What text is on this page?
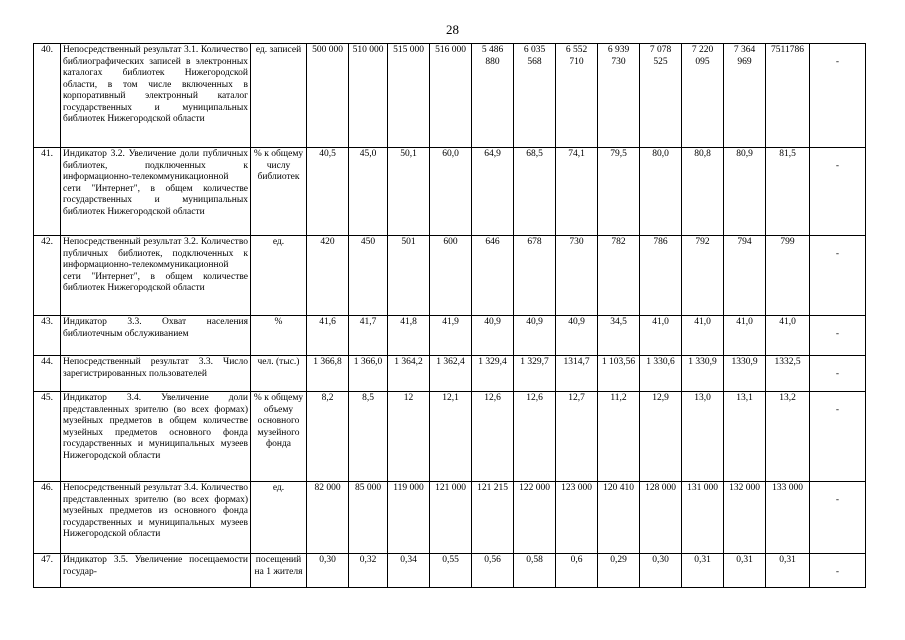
28
40.	Непосредственный результат 3.1. Количество библиографических записей в электронных каталогах библиотек Нижегородской области, в том числе включенных в корпоративный электронный каталог государственных и муниципальных библиотек Нижегородской области	ед. записей	500 000	510 000	515 000	516 000	5 486 880	6 035 568	6 552 710	6 939 730	7 078 525	7 220 095	7 364 969	7511786	-

41.	Индикатор 3.2. Увеличение доли публичных библиотек, подключенных к информационно-телекоммуникационной сети "Интернет", в общем количестве государственных и муниципальных библиотек Нижегородской области	% к общему числу библиотек	40,5	45,0	50,1	60,0	64,9	68,5	74,1	79,5	80,0	80,8	80,9	81,5	-

42.	Непосредственный результат 3.2. Количество публичных библиотек, подключенных к информационно-телекоммуникационной сети "Интернет", в общем количестве библиотек Нижегородской области	ед.	420	450	501	600	646	678	730	782	786	792	794	799	-

43.	Индикатор 3.3. Охват населения библиотечным обслуживанием	%	41,6	41,7	41,8	41,9	40,9	40,9	40,9	34,5	41,0	41,0	41,0	41,0	-

44.	Непосредственный результат 3.3. Число зарегистрированных пользователей	чел. (тыс.)	1 366,8	1 366,0	1 364,2	1 362,4	1 329,4	1 329,7	1314,7	1 103,56	1 330,6	1 330,9	1330,9	1332,5	-

45.	Индикатор 3.4. Увеличение доли представленных зрителю (во всех формах) музейных предметов в общем количестве музейных предметов основного фонда государственных и муниципальных музеев Нижегородской области	% к общему объему основного музейного фонда	8,2	8,5	12	12,1	12,6	12,6	12,7	11,2	12,9	13,0	13,1	13,2	-

46.	Непосредственный результат 3.4. Количество представленных зрителю (во всех формах) музейных предметов из основного фонда государственных и муниципальных музеев Нижегородской области	ед.	82 000	85 000	119 000	121 000	121 215	122 000	123 000	120 410	128 000	131 000	132 000	133 000	-

47.	Индикатор 3.5. Увеличение посещаемости государ-	посещений на 1 жителя	0,30	0,32	0,34	0,55	0,56	0,58	0,6	0,29	0,30	0,31	0,31	0,31	-
